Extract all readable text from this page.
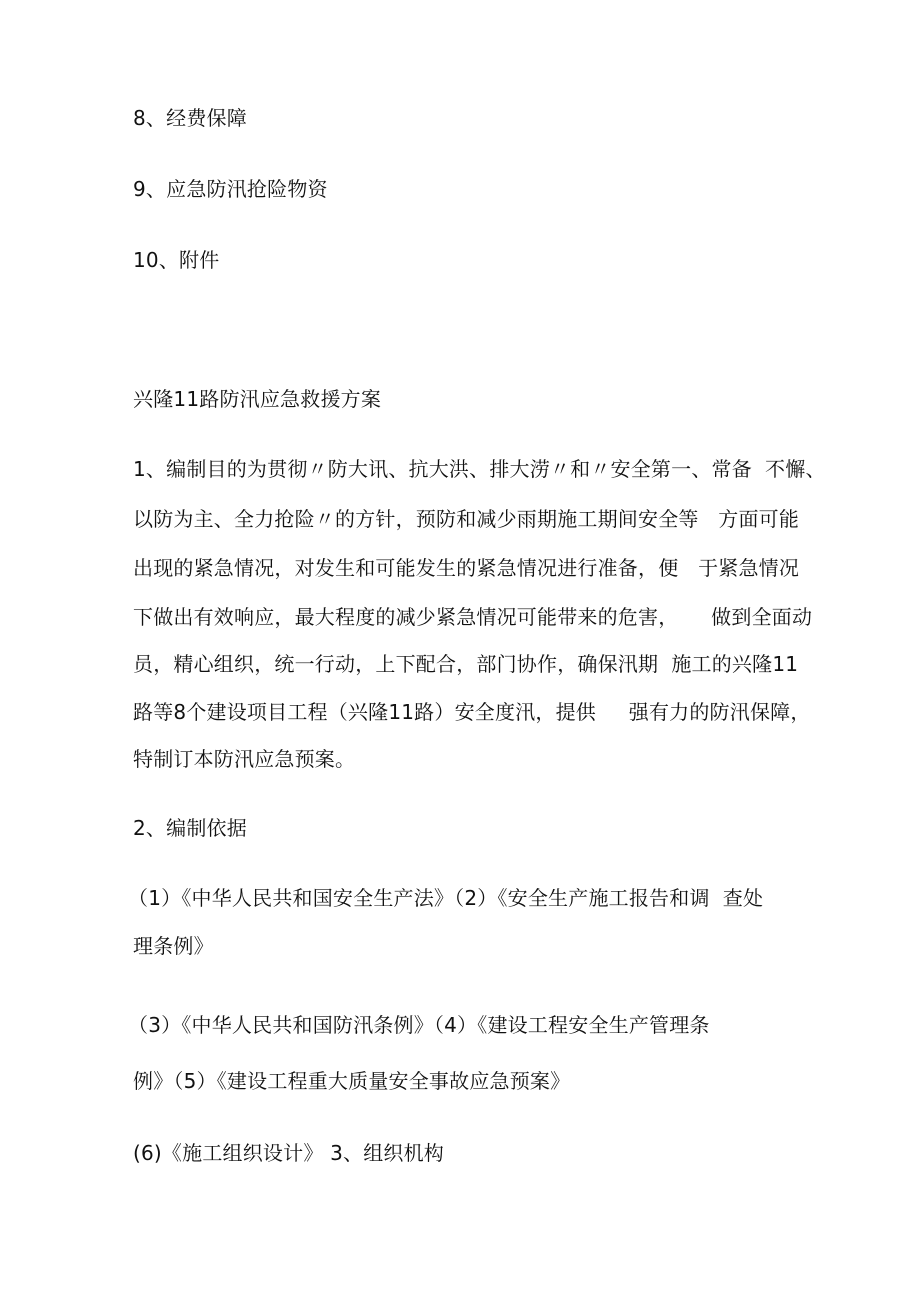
8、经费保障
9、应急防汛抢险物资
10、附件
兴隆11路防汛应急救援方案
1、编制目的为贯彻〃防大讯、抗大洪、排大涝〃和〃安全第一、常备  不懈、
以防为主、全力抢险〃的方针，预防和减少雨期施工期间安全等   方面可能
出现的紧急情况，对发生和可能发生的紧急情况进行准备，便   于紧急情况
下做出有效响应，最大程度的减少紧急情况可能带来的危害，     做到全面动
员，精心组织，统一行动，上下配合，部门协作，确保汛期  施工的兴隆11
路等8个建设项目工程（兴隆11路）安全度汛，提供     强有力的防汛保障，
特制订本防汛应急预案。
2、编制依据
（1）《中华人民共和国安全生产法》（2）《安全生产施工报告和调  查处
理条例》
（3）《中华人民共和国防汛条例》（4）《建设工程安全生产管理条
例》（5）《建设工程重大质量安全事故应急预案》
(6)《施工组织设计》 3、组织机构
